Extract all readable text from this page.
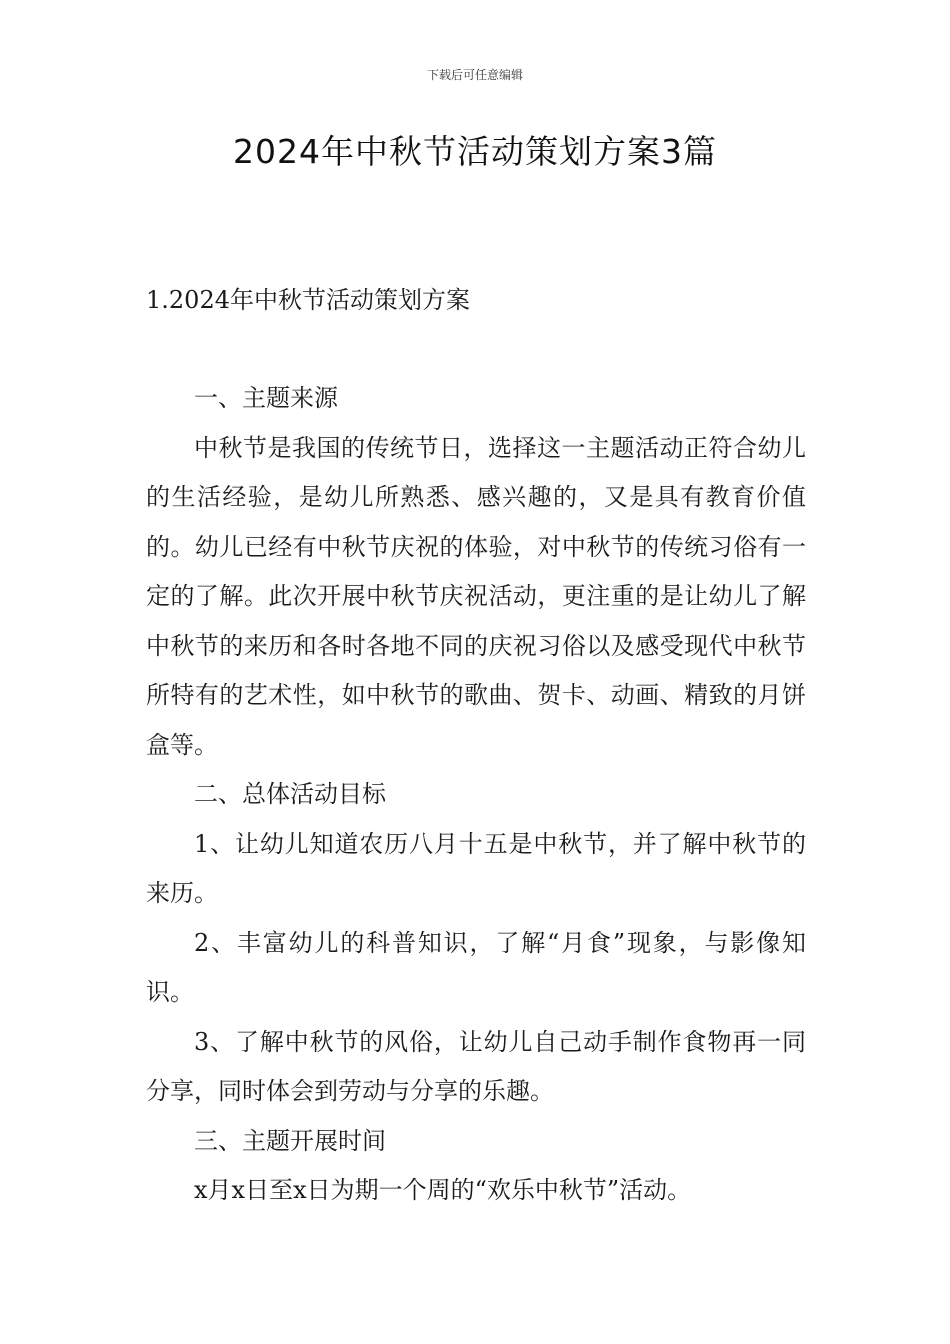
下载后可任意编辑
2024年中秋节活动策划方案3篇
1.2024年中秋节活动策划方案

一、主题来源

中秋节是我国的传统节日，选择这一主题活动正符合幼儿的生活经验，是幼儿所熟悉、感兴趣的，又是具有教育价值的。幼儿已经有中秋节庆祝的体验，对中秋节的传统习俗有一定的了解。此次开展中秋节庆祝活动，更注重的是让幼儿了解中秋节的来历和各时各地不同的庆祝习俗以及感受现代中秋节所特有的艺术性，如中秋节的歌曲、贺卡、动画、精致的月饼盒等。

二、总体活动目标

1、让幼儿知道农历八月十五是中秋节，并了解中秋节的来历。

2、丰富幼儿的科普知识，了解“月食”现象，与影像知识。

3、了解中秋节的风俗，让幼儿自己动手制作食物再一同分享，同时体会到劳动与分享的乐趣。

三、主题开展时间

x月x日至x日为期一个周的“欢乐中秋节”活动。
